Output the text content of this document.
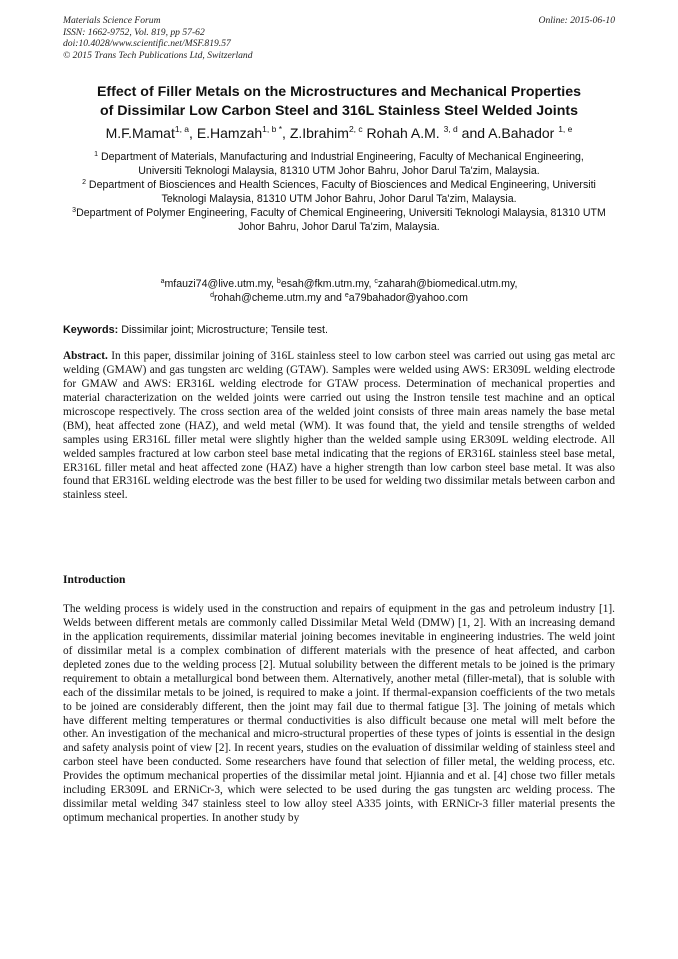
Materials Science Forum
ISSN: 1662-9752, Vol. 819, pp 57-62
doi:10.4028/www.scientific.net/MSF.819.57
© 2015 Trans Tech Publications Ltd, Switzerland
Online: 2015-06-10
Effect of Filler Metals on the Microstructures and Mechanical Properties
of Dissimilar Low Carbon Steel and 316L Stainless Steel Welded Joints
M.F.Mamat$^{1, a}$, E.Hamzah$^{1, b *}$, Z.Ibrahim$^{2, c}$ Rohah A.M. $^{3, d}$ and A.Bahador $^{1, e}$

$^1$ Department of Materials, Manufacturing and Industrial Engineering, Faculty of Mechanical Engineering, Universiti Teknologi Malaysia, 81310 UTM Johor Bahru, Johor Darul Ta'zim, Malaysia.

$^2$ Department of Biosciences and Health Sciences, Faculty of Biosciences and Medical Engineering, Universiti Teknologi Malaysia, 81310 UTM Johor Bahru, Johor Darul Ta'zim, Malaysia.

$^3$Department of Polymer Engineering, Faculty of Chemical Engineering, Universiti Teknologi Malaysia, 81310 UTM Johor Bahru, Johor Darul Ta'zim, Malaysia.

$^a$mfauzi74@live.utm.my, $^b$esah@fkm.utm.my, $^c$zaharah@biomedical.utm.my,
$^d$rohah@cheme.utm.my and $^e$a79bahador@yahoo.com
Keywords: Dissimilar joint; Microstructure; Tensile test.

Abstract. In this paper, dissimilar joining of 316L stainless steel to low carbon steel was carried out using gas metal arc welding (GMAW) and gas tungsten arc welding (GTAW). Samples were welded using AWS: ER309L welding electrode for GMAW and AWS: ER316L welding electrode for GTAW process. Determination of mechanical properties and material characterization on the welded joints were carried out using the Instron tensile test machine and an optical microscope respectively. The cross section area of the welded joint consists of three main areas namely the base metal (BM), heat affected zone (HAZ), and weld metal (WM). It was found that, the yield and tensile strengths of welded samples using ER316L filler metal were slightly higher than the welded sample using ER309L welding electrode. All welded samples fractured at low carbon steel base metal indicating that the regions of ER316L stainless steel base metal, ER316L filler metal and heat affected zone (HAZ) have a higher strength than low carbon steel base metal. It was also found that ER316L welding electrode was the best filler to be used for welding two dissimilar metals between carbon and stainless steel.

Introduction

The welding process is widely used in the construction and repairs of equipment in the gas and petroleum industry [1]. Welds between different metals are commonly called Dissimilar Metal Weld (DMW) [1, 2]. With an increasing demand in the application requirements, dissimilar material joining becomes inevitable in engineering industries. The weld joint of dissimilar metal is a complex combination of different materials with the presence of heat affected, and carbon depleted zones due to the welding process [2]. Mutual solubility between the different metals to be joined is the primary requirement to obtain a metallurgical bond between them. Alternatively, another metal (filler-metal), that is soluble with each of the dissimilar metals to be joined, is required to make a joint. If thermal-expansion coefficients of the two metals to be joined are considerably different, then the joint may fail due to thermal fatigue [3]. The joining of metals which have different melting temperatures or thermal conductivities is also difficult because one metal will melt before the other. An investigation of the mechanical and micro-structural properties of these types of joints is essential in the design and safety analysis point of view [2]. In recent years, studies on the evaluation of dissimilar welding of stainless steel and carbon steel have been conducted. Some researchers have found that selection of filler metal, the welding process, etc. Provides the optimum mechanical properties of the dissimilar metal joint. Hjiannia and et al. [4] chose two filler metals including ER309L and ERNiCr-3, which were selected to be used during the gas tungsten arc welding process. The dissimilar metal welding 347 stainless steel to low alloy steel A335 joints, with ERNiCr-3 filler material presents the optimum mechanical properties. In another study by
